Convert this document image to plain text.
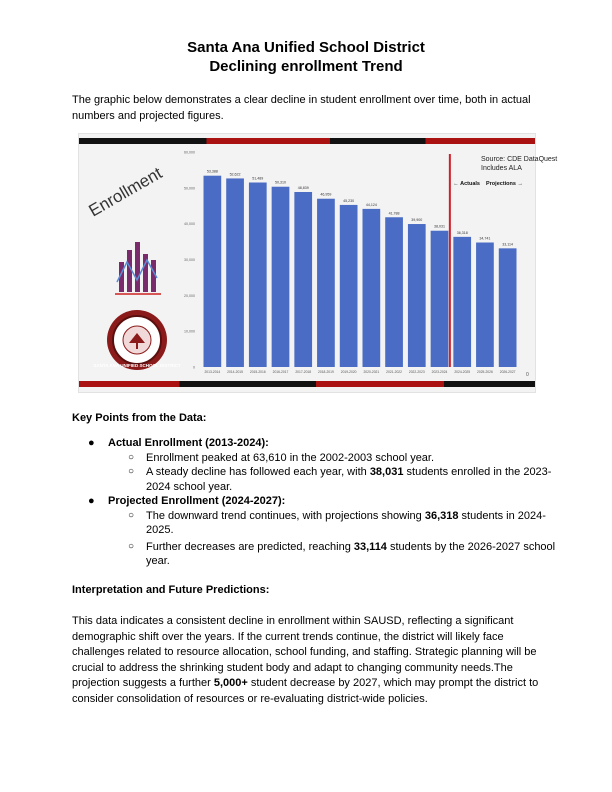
Santa Ana Unified School District
Declining enrollment Trend
The graphic below demonstrates a clear decline in student enrollment over time, both in actual numbers and projected figures.
Enrollment
SANTA ANA UNIFIED SCHOOL DISTRICT	0
10,000
20,000
30,000
40,000
50,000
60,000
53,388
52,622
51,489
50,310
48,839
46,959
45,230
44,124
41,788
39,900
38,031
36,318
34,741
33,114
2013-2014 2014-2015 2015-2016 2016-2017 2017-2018 2018-2019 2019-2020 2020-2021 2021-2022 2022-2023 2023-2024 2024-2025 2025-2026 2026-2027
Source: CDE DataQuest
Includes ALA
← Actuals Projections →
0
Key Points from the Data:
● Actual Enrollment (2013-2024):
○ Enrollment peaked at 63,610 in the 2002-2003 school year.
○ A steady decline has followed each year, with 38,031 students enrolled in the 2023-2024 school year.
● Projected Enrollment (2024-2027):
○ The downward trend continues, with projections showing 36,318 students in 2024-2025.
○ Further decreases are predicted, reaching 33,114 students by the 2026-2027 school year.
Interpretation and Future Predictions:
This data indicates a consistent decline in enrollment within SAUSD, reflecting a significant demographic shift over the years. If the current trends continue, the district will likely face challenges related to resource allocation, school funding, and staffing. Strategic planning will be crucial to address the shrinking student body and adapt to changing community needs.The projection suggests a further 5,000+ student decrease by 2027, which may prompt the district to consider consolidation of resources or re-evaluating district-wide policies.
